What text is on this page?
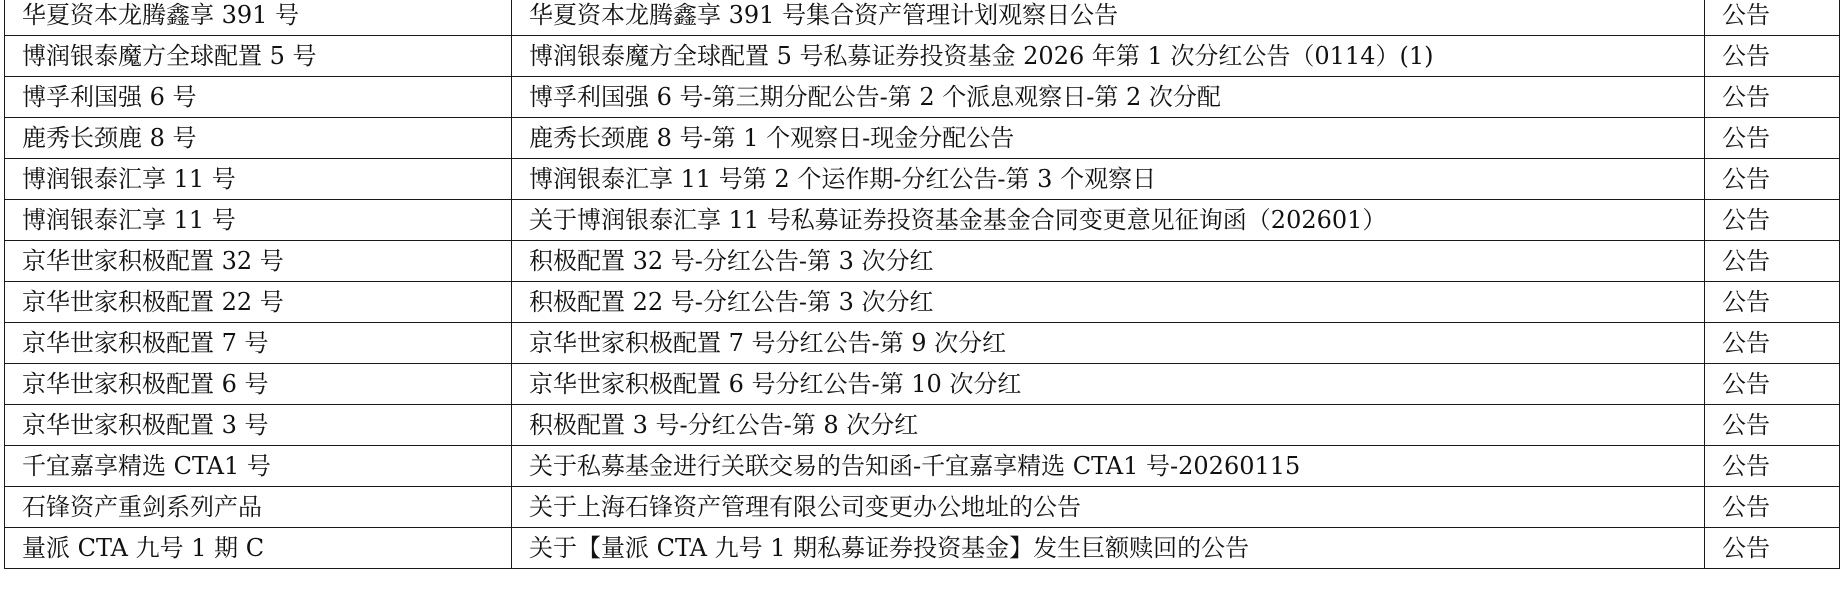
华夏资本龙腾鑫享 391 号	华夏资本龙腾鑫享 391 号集合资产管理计划观察日公告	公告
博润银泰魔方全球配置 5 号	博润银泰魔方全球配置 5 号私募证券投资基金 2026 年第 1 次分红公告（0114）(1)	公告
博孚利国强 6 号	博孚利国强 6 号-第三期分配公告-第 2 个派息观察日-第 2 次分配	公告
鹿秀长颈鹿 8 号	鹿秀长颈鹿 8 号-第 1 个观察日-现金分配公告	公告
博润银泰汇享 11 号	博润银泰汇享 11 号第 2 个运作期-分红公告-第 3 个观察日	公告
博润银泰汇享 11 号	关于博润银泰汇享 11 号私募证券投资基金基金合同变更意见征询函（202601）	公告
京华世家积极配置 32 号	积极配置 32 号-分红公告-第 3 次分红	公告
京华世家积极配置 22 号	积极配置 22 号-分红公告-第 3 次分红	公告
京华世家积极配置 7 号	京华世家积极配置 7 号分红公告-第 9 次分红	公告
京华世家积极配置 6 号	京华世家积极配置 6 号分红公告-第 10 次分红	公告
京华世家积极配置 3 号	积极配置 3 号-分红公告-第 8 次分红	公告
千宜嘉享精选 CTA1 号	关于私募基金进行关联交易的告知函-千宜嘉享精选 CTA1 号-20260115	公告
石锋资产重剑系列产品	关于上海石锋资产管理有限公司变更办公地址的公告	公告
量派 CTA 九号 1 期 C	关于【量派 CTA 九号 1 期私募证券投资基金】发生巨额赎回的公告	公告
